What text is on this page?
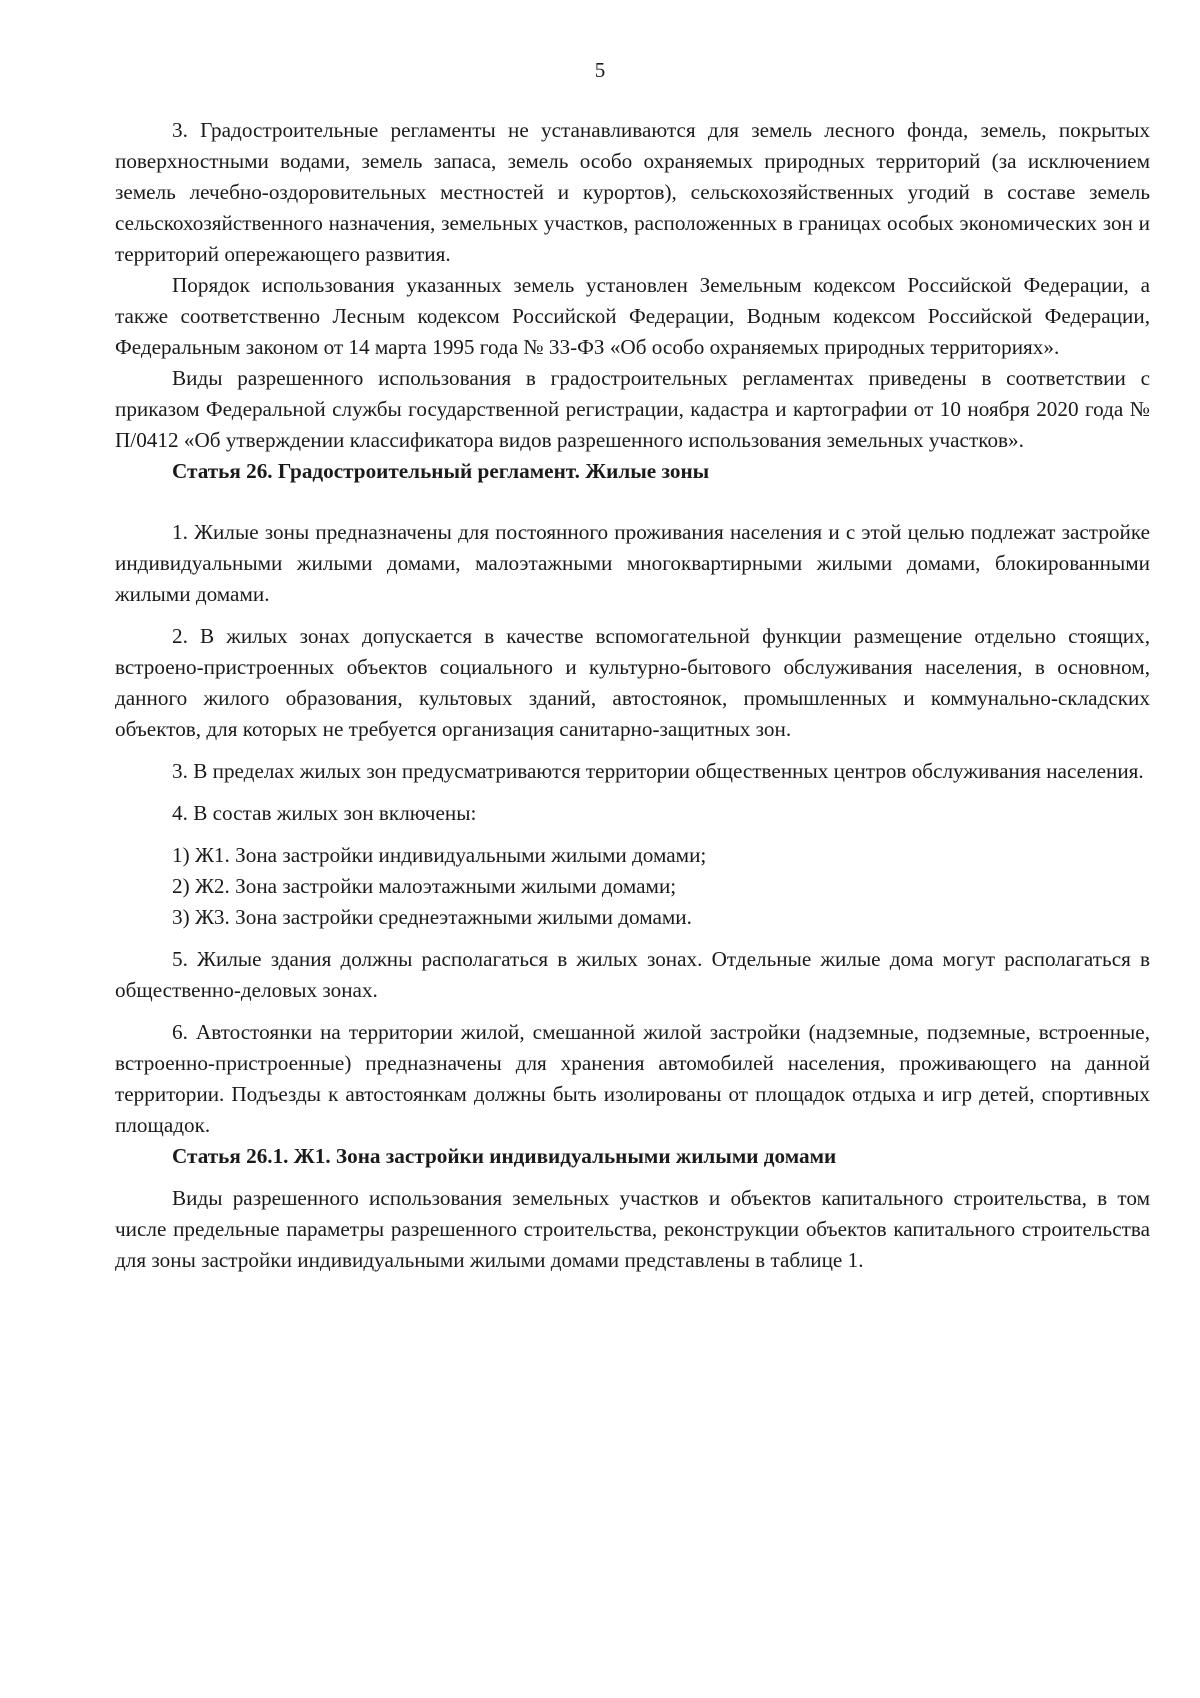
5

3. Градостроительные регламенты не устанавливаются для земель лесного фонда, земель, покрытых поверхностными водами, земель запаса, земель особо охраняемых природных территорий (за исключением земель лечебно-оздоровительных местностей и курортов), сельскохозяйственных угодий в составе земель сельскохозяйственного назначения, земельных участков, расположенных в границах особых экономических зон и территорий опережающего развития.

Порядок использования указанных земель установлен Земельным кодексом Российской Федерации, а также соответственно Лесным кодексом Российской Федерации, Водным кодексом Российской Федерации, Федеральным законом от 14 марта 1995 года № 33-ФЗ «Об особо охраняемых природных территориях».

Виды разрешенного использования в градостроительных регламентах приведены в соответствии с приказом Федеральной службы государственной регистрации, кадастра и картографии от 10 ноября 2020 года № П/0412 «Об утверждении классификатора видов разрешенного использования земельных участков».

Статья 26. Градостроительный регламент. Жилые зоны

1. Жилые зоны предназначены для постоянного проживания населения и с этой целью подлежат застройке индивидуальными жилыми домами, малоэтажными многоквартирными жилыми домами, блокированными жилыми домами.

2. В жилых зонах допускается в качестве вспомогательной функции размещение отдельно стоящих, встроено-пристроенных объектов социального и культурно-бытового обслуживания населения, в основном, данного жилого образования, культовых зданий, автостоянок, промышленных и коммунально-складских объектов, для которых не требуется организация санитарно-защитных зон.

3. В пределах жилых зон предусматриваются территории общественных центров обслуживания населения.

4. В состав жилых зон включены:

1) Ж1. Зона застройки индивидуальными жилыми домами;
2) Ж2. Зона застройки малоэтажными жилыми домами;
3) Ж3. Зона застройки среднеэтажными жилыми домами.

5. Жилые здания должны располагаться в жилых зонах. Отдельные жилые дома могут располагаться в общественно-деловых зонах.

6. Автостоянки на территории жилой, смешанной жилой застройки (надземные, подземные, встроенные, встроенно-пристроенные) предназначены для хранения автомобилей населения, проживающего на данной территории. Подъезды к автостоянкам должны быть изолированы от площадок отдыха и игр детей, спортивных площадок.

Статья 26.1. Ж1. Зона застройки индивидуальными жилыми домами

Виды разрешенного использования земельных участков и объектов капитального строительства, в том числе предельные параметры разрешенного строительства, реконструкции объектов капитального строительства для зоны застройки индивидуальными жилыми домами представлены в таблице 1.
